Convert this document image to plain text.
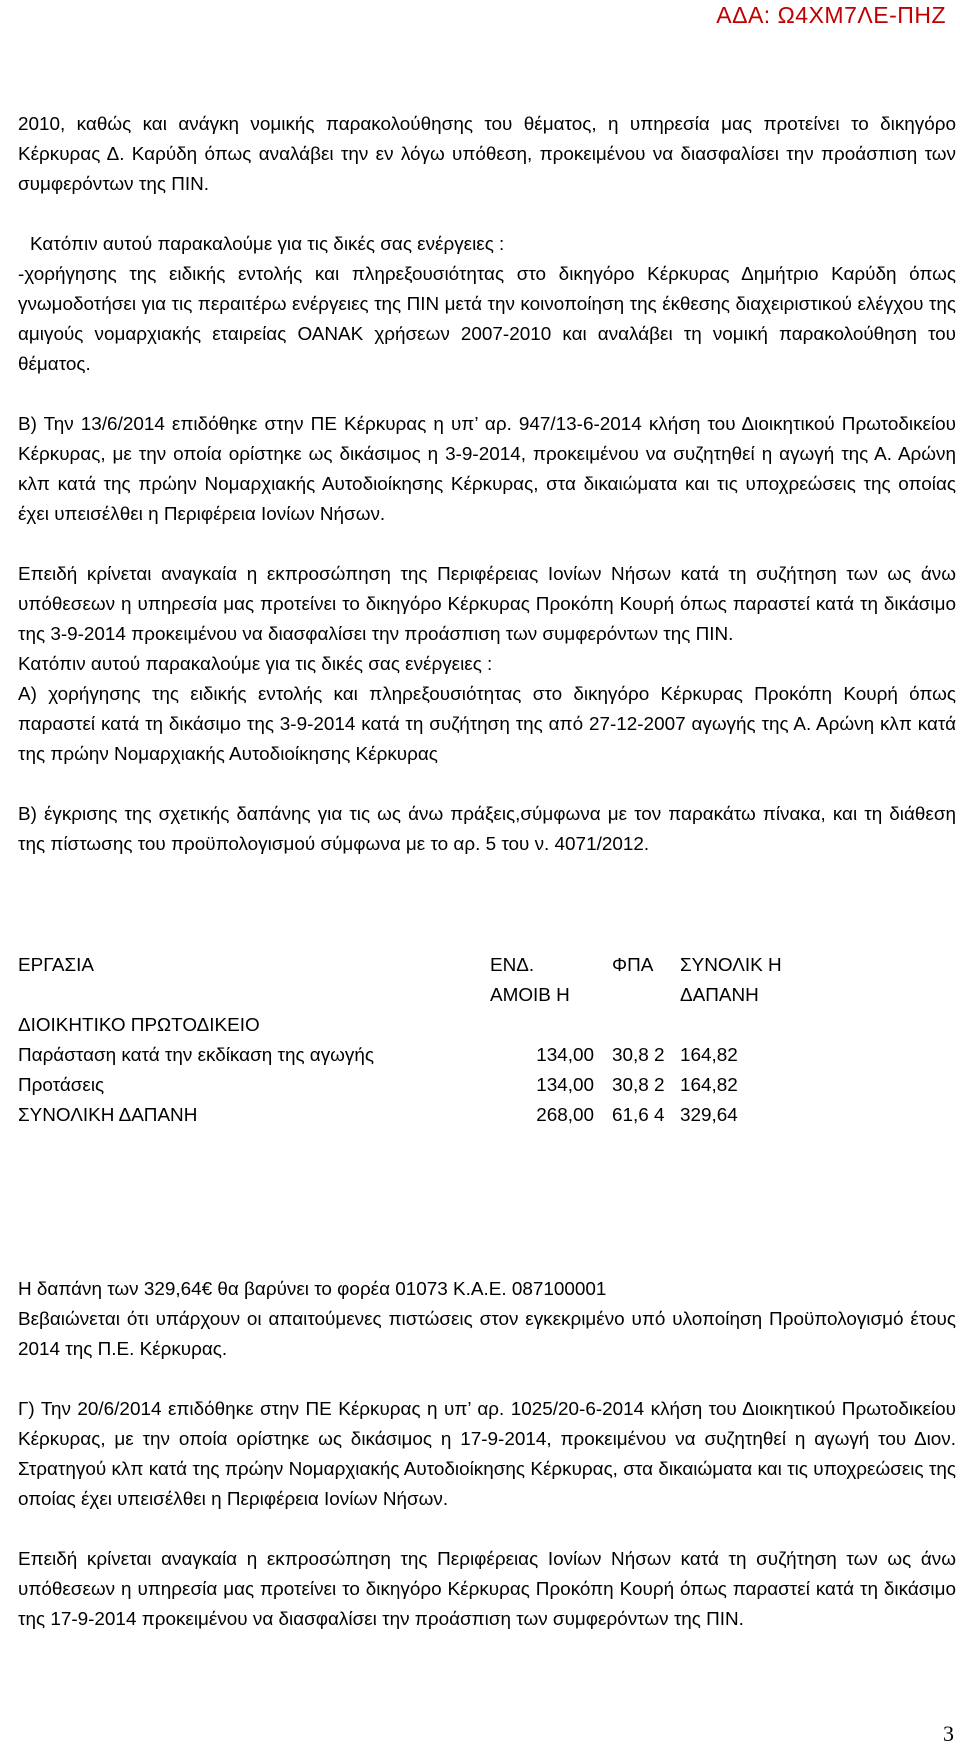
ΑΔΑ: Ω4ΧΜ7ΛΕ-ΠΗΖ

2010, καθώς και ανάγκη νομικής παρακολούθησης του θέματος, η υπηρεσία μας προτείνει το δικηγόρο Κέρκυρας Δ. Καρύδη όπως αναλάβει την εν λόγω υπόθεση, προκειμένου να διασφαλίσει την προάσπιση των συμφερόντων της ΠΙΝ.

Κατόπιν αυτού παρακαλούμε για τις δικές σας ενέργειες :

-χορήγησης της ειδικής εντολής και πληρεξουσιότητας στο δικηγόρο Κέρκυρας Δημήτριο Καρύδη όπως γνωμοδοτήσει για τις περαιτέρω ενέργειες της ΠΙΝ μετά την κοινοποίηση της έκθεσης διαχειριστικού ελέγχου της αμιγούς νομαρχιακής εταιρείας ΟΑΝΑΚ χρήσεων 2007-2010 και αναλάβει τη νομική παρακολούθηση του θέματος.

Β) Την 13/6/2014 επιδόθηκε στην ΠΕ Κέρκυρας η υπ’ αρ. 947/13-6-2014 κλήση του Διοικητικού Πρωτοδικείου Κέρκυρας, με την οποία ορίστηκε ως δικάσιμος η 3-9-2014, προκειμένου να συζητηθεί η αγωγή της Α. Αρώνη κλπ κατά της πρώην Νομαρχιακής Αυτοδιοίκησης Κέρκυρας, στα δικαιώματα και τις υποχρεώσεις της οποίας έχει υπεισέλθει η Περιφέρεια Ιονίων Νήσων.

Επειδή κρίνεται αναγκαία η εκπροσώπηση της Περιφέρειας Ιονίων Νήσων κατά τη συζήτηση των ως άνω υπόθεσεων η υπηρεσία μας προτείνει το δικηγόρο Κέρκυρας Προκόπη Κουρή όπως παραστεί κατά τη δικάσιμο της 3-9-2014 προκειμένου να διασφαλίσει την προάσπιση των συμφερόντων της ΠΙΝ.

Κατόπιν αυτού παρακαλούμε για τις δικές σας ενέργειες :

Α) χορήγησης της ειδικής εντολής και πληρεξουσιότητας στο δικηγόρο Κέρκυρας Προκόπη Κουρή όπως παραστεί κατά τη δικάσιμο της 3-9-2014 κατά τη συζήτηση της από 27-12-2007 αγωγής της Α. Αρώνη κλπ κατά της πρώην Νομαρχιακής Αυτοδιοίκησης Κέρκυρας

Β) έγκρισης της σχετικής δαπάνης για τις ως άνω πράξεις,σύμφωνα με τον παρακάτω πίνακα, και τη διάθεση της πίστωσης του προϋπολογισμού σύμφωνα με το αρ. 5 του ν. 4071/2012.

ΕΡΓΑΣΙΑ	ΕΝΔ. ΑΜΟΙΒ Η	ΦΠΑ	ΣΥΝΟΛΙΚ Η ΔΑΠΑΝΗ
ΔΙΟΙΚΗΤΙΚΟ ΠΡΩΤΟΔΙΚΕΙΟ			
Παράσταση κατά την εκδίκαση της αγωγής	134,00	30,8 2	164,82
Προτάσεις	134,00	30,8 2	164,82
ΣΥΝΟΛΙΚΗ ΔΑΠΑΝΗ	268,00	61,6 4	329,64

Η δαπάνη των 329,64€ θα βαρύνει το φορέα 01073 Κ.Α.Ε. 087100001

Βεβαιώνεται ότι υπάρχουν οι απαιτούμενες πιστώσεις στον εγκεκριμένο υπό υλοποίηση Προϋπολογισμό έτους 2014 της Π.Ε. Κέρκυρας.

Γ) Την 20/6/2014 επιδόθηκε στην ΠΕ Κέρκυρας η υπ’ αρ. 1025/20-6-2014 κλήση του Διοικητικού Πρωτοδικείου Κέρκυρας, με την οποία ορίστηκε ως δικάσιμος η 17-9-2014, προκειμένου να συζητηθεί η αγωγή του Διον. Στρατηγού κλπ κατά της πρώην Νομαρχιακής Αυτοδιοίκησης Κέρκυρας, στα δικαιώματα και τις υποχρεώσεις της οποίας έχει υπεισέλθει η Περιφέρεια Ιονίων Νήσων.

Επειδή κρίνεται αναγκαία η εκπροσώπηση της Περιφέρειας Ιονίων Νήσων κατά τη συζήτηση των ως άνω υπόθεσεων η υπηρεσία μας προτείνει το δικηγόρο Κέρκυρας Προκόπη Κουρή όπως παραστεί κατά τη δικάσιμο της 17-9-2014 προκειμένου να διασφαλίσει την προάσπιση των συμφερόντων της ΠΙΝ.

3
